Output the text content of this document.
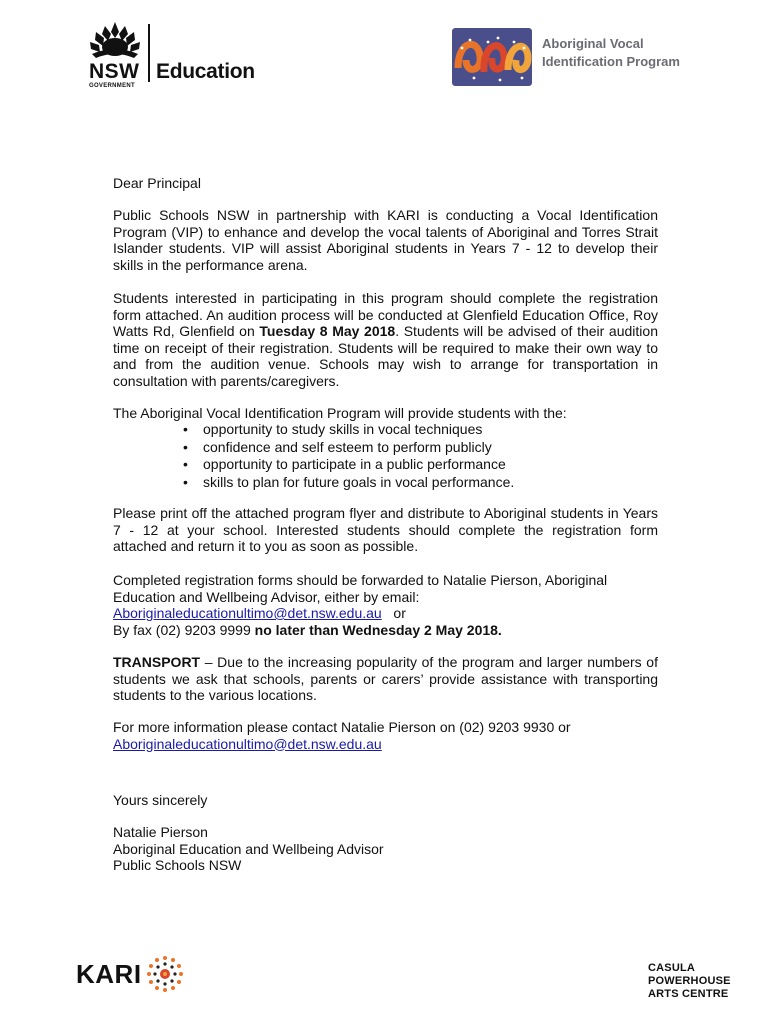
NSW
GOVERNMENT
Education
Aboriginal Vocal
Identification Program

Dear Principal

Public Schools NSW in partnership with KARI is conducting a Vocal Identification Program (VIP) to enhance and develop the vocal talents of Aboriginal and Torres Strait Islander students. VIP will assist Aboriginal students in Years 7 - 12 to develop their skills in the performance arena.

Students interested in participating in this program should complete the registration form attached. An audition process will be conducted at Glenfield Education Office, Roy Watts Rd, Glenfield on Tuesday 8 May 2018. Students will be advised of their audition time on receipt of their registration. Students will be required to make their own way to and from the audition venue. Schools may wish to arrange for transportation in consultation with parents/caregivers.

The Aboriginal Vocal Identification Program will provide students with the:

• opportunity to study skills in vocal techniques
• confidence and self esteem to perform publicly
• opportunity to participate in a public performance
• skills to plan for future goals in vocal performance.

Please print off the attached program flyer and distribute to Aboriginal students in Years 7 - 12 at your school. Interested students should complete the registration form attached and return it to you as soon as possible.

Completed registration forms should be forwarded to Natalie Pierson, Aboriginal
Education and Wellbeing Advisor, either by email:
Aboriginaleducationultimo@det.nsw.edu.au or
By fax (02) 9203 9999 no later than Wednesday 2 May 2018.

TRANSPORT – Due to the increasing popularity of the program and larger numbers of students we ask that schools, parents or carers’ provide assistance with transporting students to the various locations.

For more information please contact Natalie Pierson on (02) 9203 9930 or
Aboriginaleducationultimo@det.nsw.edu.au

Yours sincerely

Natalie Pierson
Aboriginal Education and Wellbeing Advisor
Public Schools NSW
KARI	CASULA
POWERHOUSE
ARTS CENTRE
